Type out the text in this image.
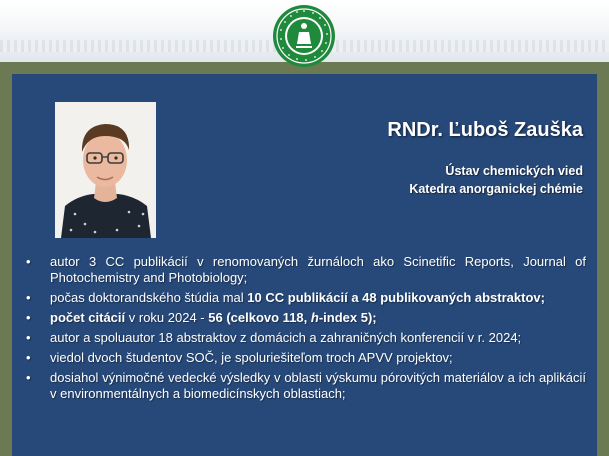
RNDr. Ľuboš Zauška
Ústav chemických vied
Katedra anorganickej chémie
• autor 3 CC publikácií v renomovaných žurnáloch ako Scinetific Reports, Journal of Photochemistry and Photobiology;
• počas doktorandského štúdia mal 10 CC publikácií a 48 publikovaných abstraktov;
• počet citácií v roku 2024 - 56 (celkovo 118, h-index 5);
• autor a spoluautor 18 abstraktov z domácich a zahraničných konferencií v r. 2024;
• viedol dvoch študentov SOČ, je spoluriešiteľom troch APVV projektov;
• dosiahol výnimočné vedecké výsledky v oblasti výskumu pórovitých materiálov a ich aplikácií v environmentálnych a biomedicínskych oblastiach;
